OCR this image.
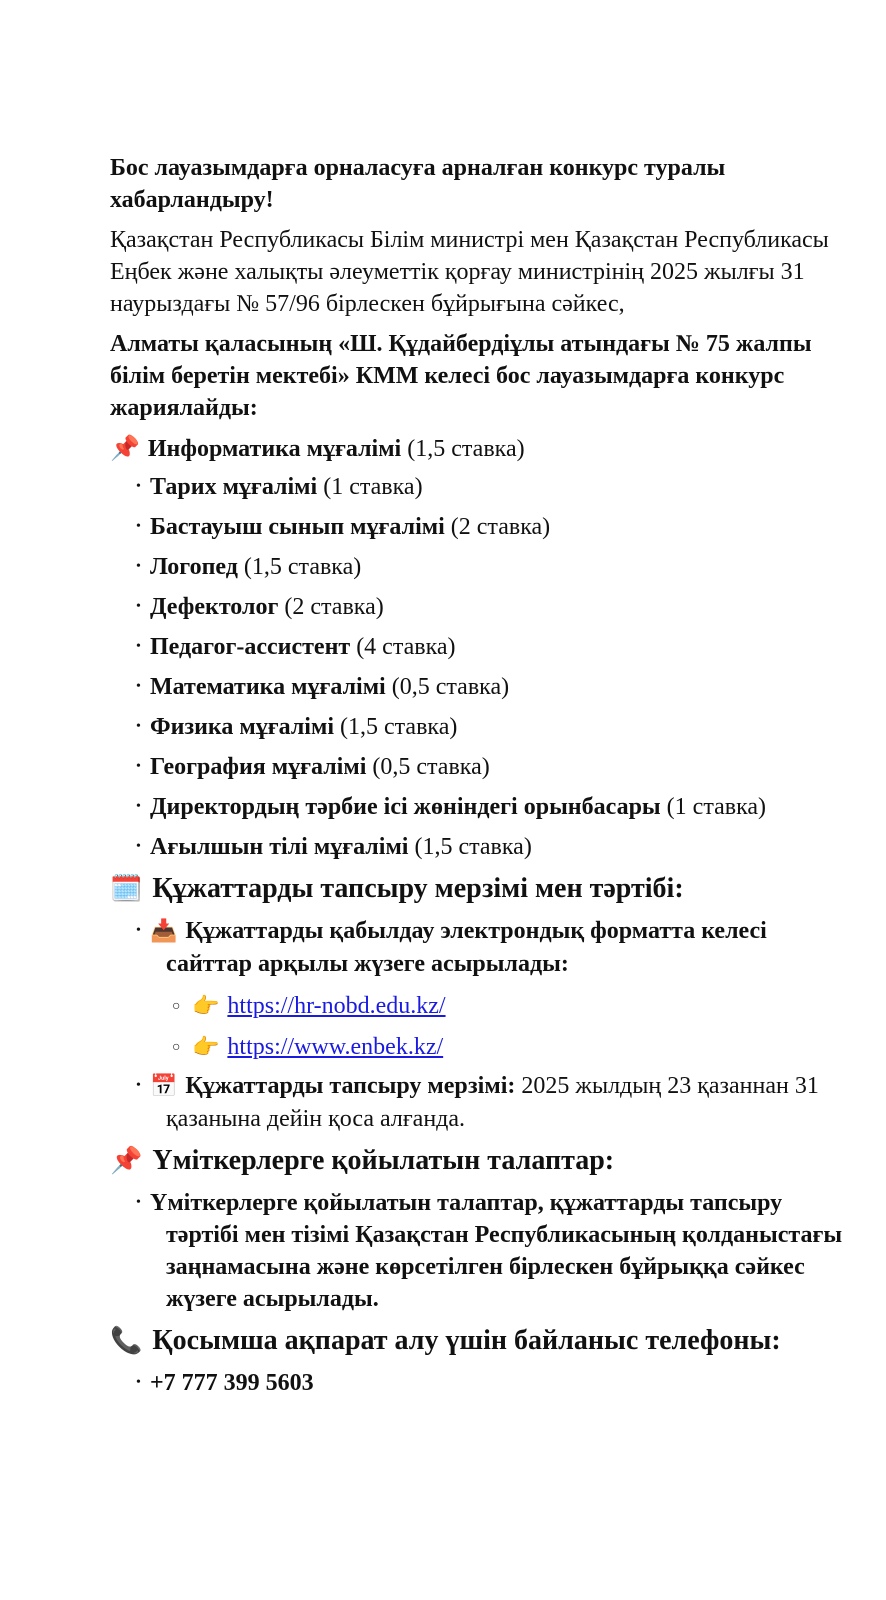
Бос лауазымдарға орналасуға арналған конкурс туралы хабарландыру!

Қазақстан Республикасы Білім министрі мен Қазақстан Республикасы Еңбек және халықты әлеуметтік қорғау министрінің 2025 жылғы 31 наурыздағы № 57/96 бірлескен бұйрығына сәйкес,

Алматы қаласының «Ш. Құдайбердіұлы атындағы № 75 жалпы білім беретін мектебі» КММ келесі бос лауазымдарға конкурс жариялайды:

📌 Информатика мұғалімі (1,5 ставка)
• Тарих мұғалімі (1 ставка)
• Бастауыш сынып мұғалімі (2 ставка)
• Логопед (1,5 ставка)
• Дефектолог (2 ставка)
• Педагог-ассистент (4 ставка)
• Математика мұғалімі (0,5 ставка)
• Физика мұғалімі (1,5 ставка)
• География мұғалімі (0,5 ставка)
• Директордың тәрбие ісі жөніндегі орынбасары (1 ставка)
• Ағылшын тілі мұғалімі (1,5 ставка)
🗓️ Құжаттарды тапсыру мерзімі мен тәртібі:
• 📥 Құжаттарды қабылдау электрондық форматта келесі сайттар арқылы жүзеге асырылады:
○ 👉 https://hr-nobd.edu.kz/
○ 👉 https://www.enbek.kz/
• 📅 Құжаттарды тапсыру мерзімі: 2025 жылдың 23 қазаннан 31 қазанына дейін қоса алғанда.
📌 Үміткерлерге қойылатын талаптар:
• Үміткерлерге қойылатын талаптар, құжаттарды тапсыру тәртібі мен тізімі Қазақстан Республикасының қолданыстағы заңнамасына және көрсетілген бірлескен бұйрыққа сәйкес жүзеге асырылады.
📞 Қосымша ақпарат алу үшін байланыс телефоны:
• +7 777 399 5603
